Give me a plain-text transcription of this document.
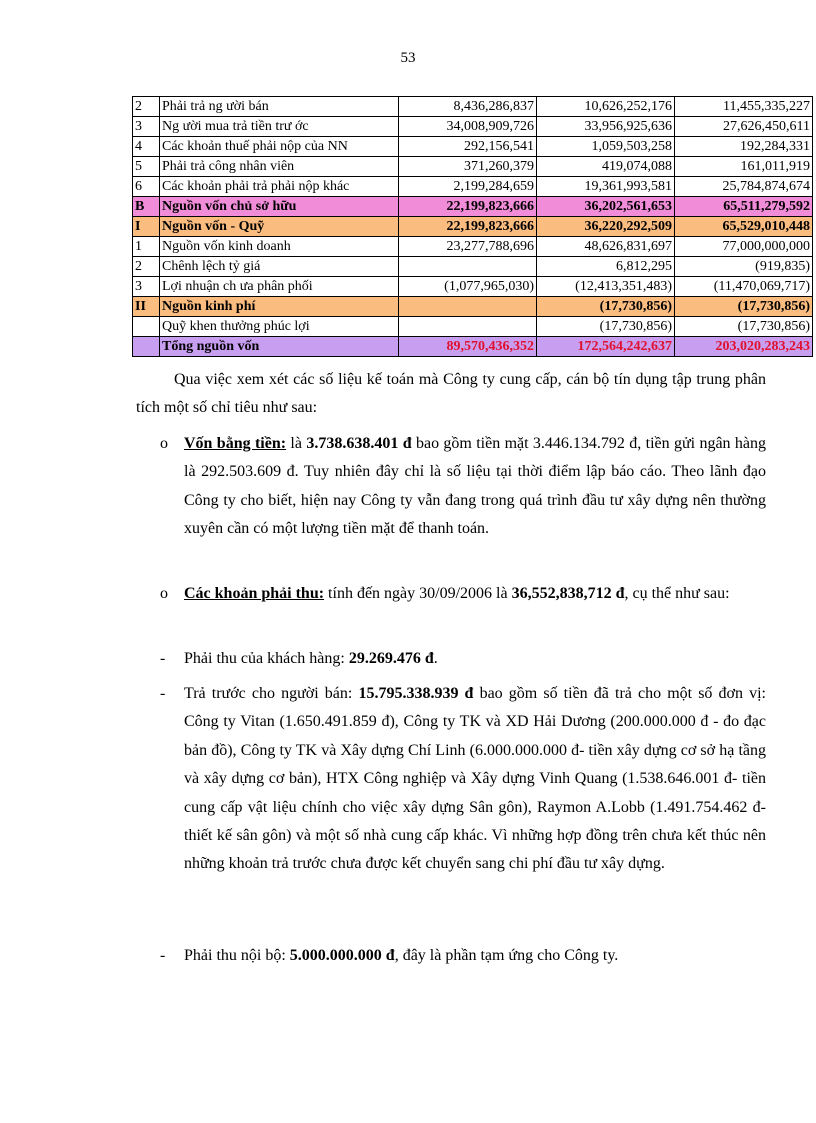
53
2	Phải trả ng ười bán	8,436,286,837	10,626,252,176	11,455,335,227
3	Ng ười mua trả tiền trư ớc	34,008,909,726	33,956,925,636	27,626,450,611
4	Các khoản thuế phải nộp của NN	292,156,541	1,059,503,258	192,284,331
5	Phải trả công nhân viên	371,260,379	419,074,088	161,011,919
6	Các khoản phải trả phải nộp khác	2,199,284,659	19,361,993,581	25,784,874,674
B	Nguồn vốn chủ sở hữu	22,199,823,666	36,202,561,653	65,511,279,592
I	Nguồn vốn - Quỹ	22,199,823,666	36,220,292,509	65,529,010,448
1	Nguồn vốn kinh doanh	23,277,788,696	48,626,831,697	77,000,000,000
2	Chênh lệch tỷ giá		6,812,295	(919,835)
3	Lợi nhuận ch ưa phân phối	(1,077,965,030)	(12,413,351,483)	(11,470,069,717)
II	Nguồn kinh phí		(17,730,856)	(17,730,856)
	Quỹ khen thưởng phúc lợi		(17,730,856)	(17,730,856)
	Tổng nguồn vốn	89,570,436,352	172,564,242,637	203,020,283,243
Qua việc xem xét các số liệu kế toán mà Công ty cung cấp, cán bộ tín dụng tập trung phân tích một số chỉ tiêu như sau:
o Vốn bằng tiền: là 3.738.638.401 đ bao gồm tiền mặt 3.446.134.792 đ, tiền gửi ngân hàng là 292.503.609 đ. Tuy nhiên đây chỉ là số liệu tại thời điểm lập báo cáo. Theo lãnh đạo Công ty cho biết, hiện nay Công ty vẫn đang trong quá trình đầu tư xây dựng nên thường xuyên cần có một lượng tiền mặt để thanh toán.
o Các khoản phải thu: tính đến ngày 30/09/2006 là 36,552,838,712 đ, cụ thể như sau:
- Phải thu của khách hàng: 29.269.476 đ.
- Trả trước cho người bán: 15.795.338.939 đ bao gồm số tiền đã trả cho một số đơn vị: Công ty Vitan (1.650.491.859 đ), Công ty TK và XD Hải Dương (200.000.000 đ - đo đạc bản đồ), Công ty TK và Xây dựng Chí Linh (6.000.000.000 đ- tiền xây dựng cơ sở hạ tầng và xây dựng cơ bản), HTX Công nghiệp và Xây dựng Vinh Quang (1.538.646.001 đ- tiền cung cấp vật liệu chính cho việc xây dựng Sân gôn), Raymon A.Lobb (1.491.754.462 đ- thiết kế sân gôn) và một số nhà cung cấp khác. Vì những hợp đồng trên chưa kết thúc nên những khoản trả trước chưa được kết chuyển sang chi phí đầu tư xây dựng.
- Phải thu nội bộ: 5.000.000.000 đ, đây là phần tạm ứng cho Công ty.
